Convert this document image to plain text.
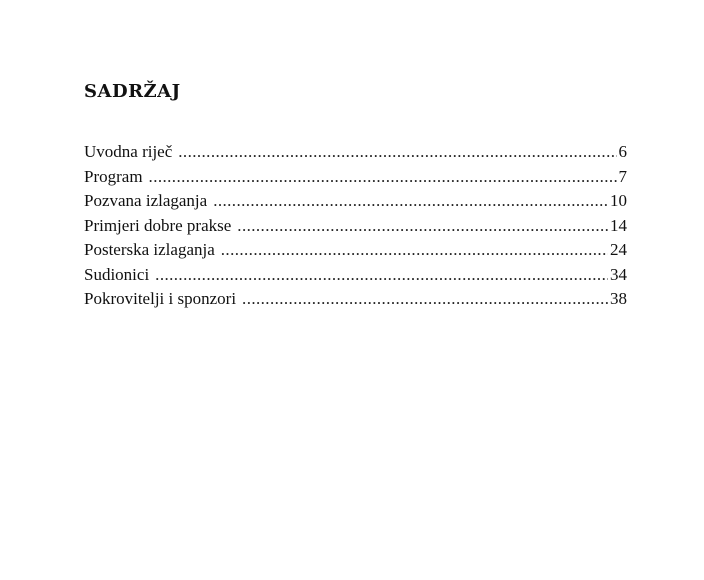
SADRŽAJ
Uvodna riječ .....	6
Program .....	7
Pozvana izlaganja .....	10
Primjeri dobre prakse .....	14
Posterska izlaganja .....	24
Sudionici .....	34
Pokrovitelji i sponzori .....	38
